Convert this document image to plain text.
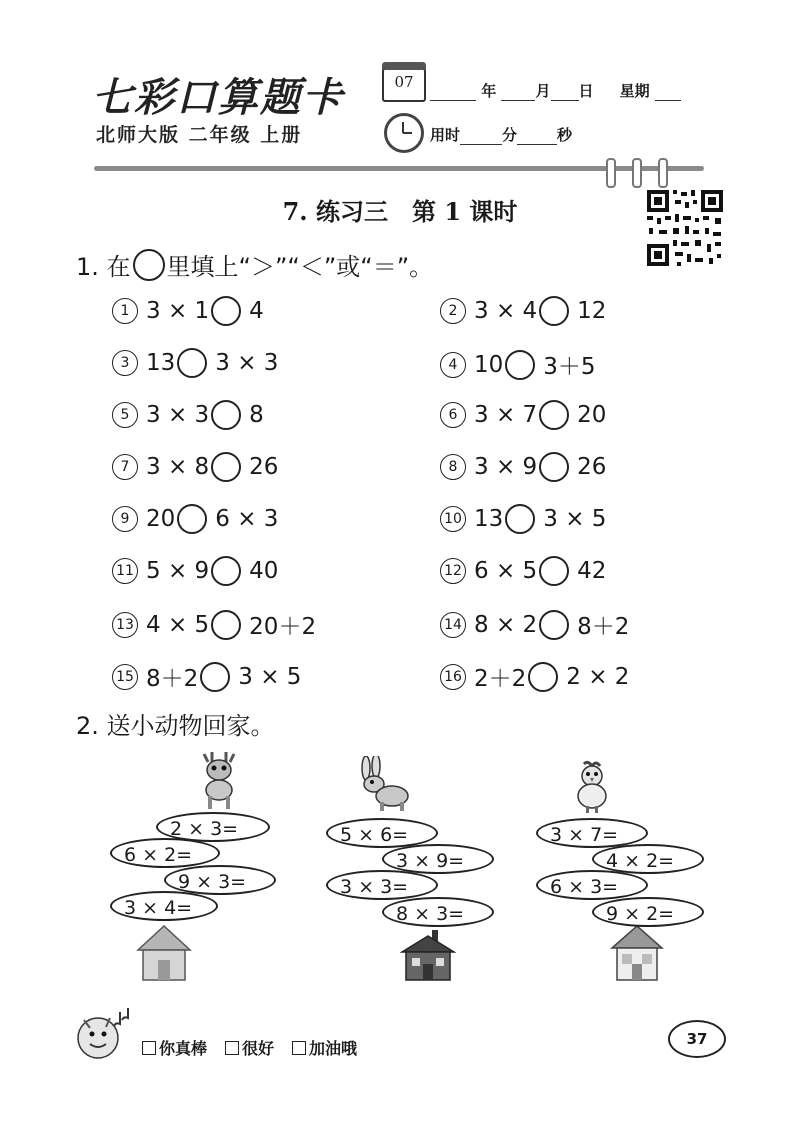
七彩口算题卡
北师大版 二年级 上册
07	年	月 日 星期
用时	分	秒
7. 练习三　第 1 课时
1. 在 里填上“＞”“＜”或“＝”。
1 3 × 1 4	2 3 × 4 12
3 13 3 × 3	4 10 3＋5
5 3 × 3 8	6 3 × 7 20
7 3 × 8 26	8 3 × 9 26
9 20 6 × 3	10 13 3 × 5
11 5 × 9 40	12 6 × 5 42
13 4 × 5 20＋2	14 8 × 2 8＋2
15 8＋2 3 × 5	16 2＋2 2 × 2
2. 送小动物回家。
2 × 3=
6 × 2=
9 × 3=
3 × 4=
5 × 6=
3 × 9=
3 × 3=
8 × 3=
3 × 7=
4 × 2=
6 × 3=
9 × 2=
你真棒	很好	加油哦	37
